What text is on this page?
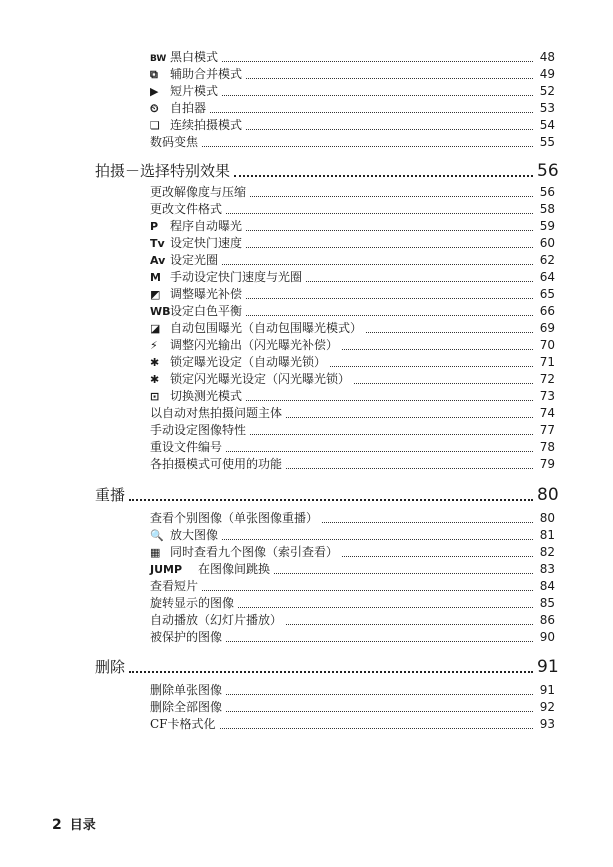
BW 黑白模式	48
⧉	辅助合并模式	49
▶ 短片模式	52
⏲ 自拍器	53
❏ 连续拍摄模式	54
数码变焦	55
拍摄－选择特别效果	56
更改解像度与压缩	56
更改文件格式	58
P 程序自动曝光	59
Tv 设定快门速度	60
Av 设定光圈	62
M 手动设定快门速度与光圈	64
◩ 调整曝光补偿	65
WB 设定白色平衡	66
◪ 自动包围曝光（自动包围曝光模式）	69
⚡	调整闪光输出（闪光曝光补偿）	70
✱ 锁定曝光设定（自动曝光锁）	71
✱ 锁定闪光曝光设定（闪光曝光锁）	72
⊡ 切换测光模式	73
以自动对焦拍摄问题主体	74
手动设定图像特性	77
重设文件编号	78
各拍摄模式可使用的功能	79
重播	80
查看个别图像（单张图像重播）	80
🔍 放大图像	81
▦ 同时查看九个图像（索引查看）	82
JUMP	在图像间跳换	83
查看短片	84
旋转显示的图像	85
自动播放（幻灯片播放）	86
被保护的图像	90
删除	91
删除单张图像	91
删除全部图像	92
CF卡格式化	93
2 目录
